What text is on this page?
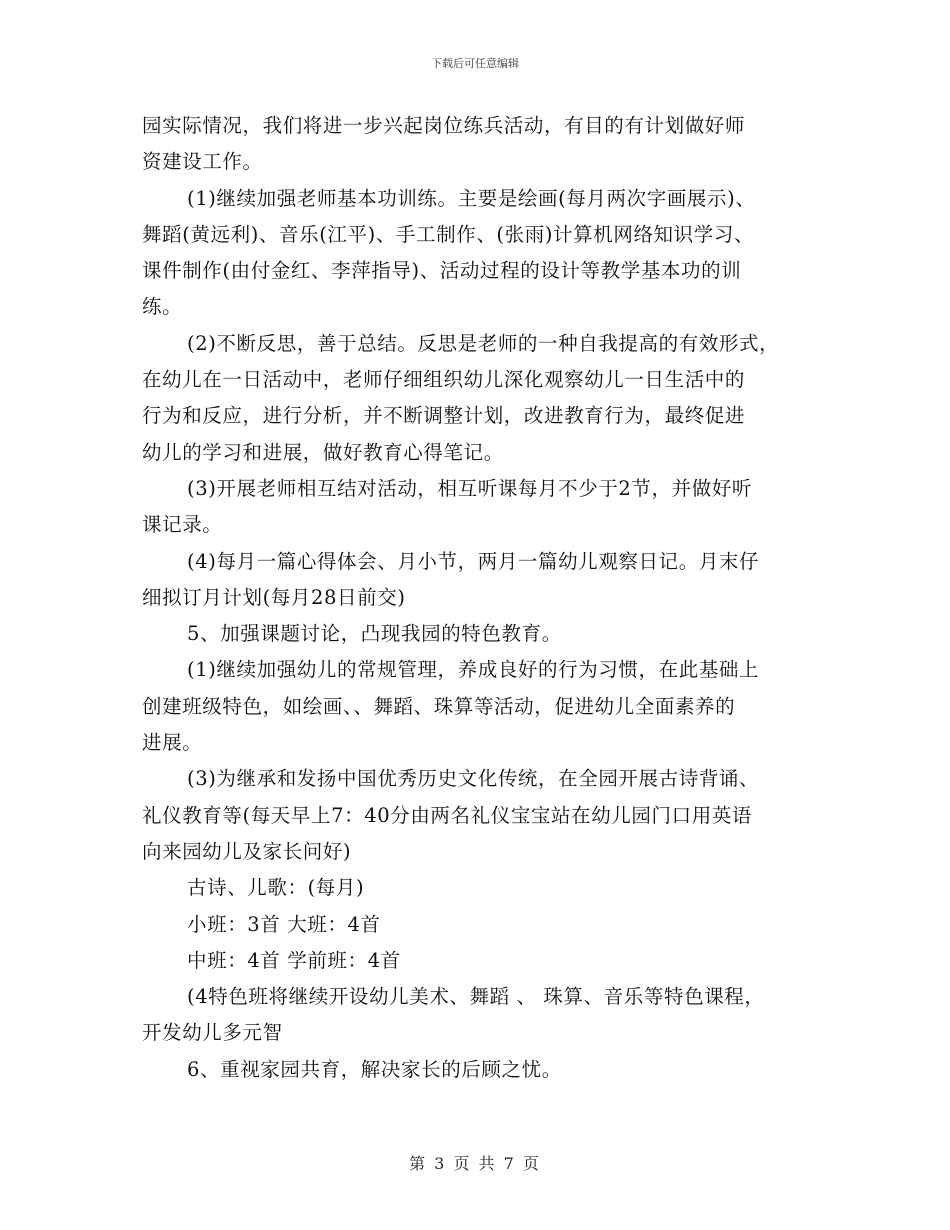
下载后可任意编辑
园实际情况，我们将进一步兴起岗位练兵活动，有目的有计划做好师
资建设工作。
(1)继续加强老师基本功训练。主要是绘画(每月两次字画展示)、
舞蹈(黄远利)、音乐(江平)、手工制作、(张雨)计算机网络知识学习、
课件制作(由付金红、李萍指导)、活动过程的设计等教学基本功的训
练。
(2)不断反思，善于总结。反思是老师的一种自我提高的有效形式，
在幼儿在一日活动中，老师仔细组织幼儿深化观察幼儿一日生活中的
行为和反应，进行分析，并不断调整计划，改进教育行为，最终促进
幼儿的学习和进展，做好教育心得笔记。
(3)开展老师相互结对活动，相互听课每月不少于2节，并做好听
课记录。
(4)每月一篇心得体会、月小节，两月一篇幼儿观察日记。月末仔
细拟订月计划(每月28日前交)
5、加强课题讨论，凸现我园的特色教育。
(1)继续加强幼儿的常规管理，养成良好的行为习惯，在此基础上
创建班级特色，如绘画、、舞蹈、珠算等活动，促进幼儿全面素养的
进展。
(3)为继承和发扬中国优秀历史文化传统，在全园开展古诗背诵、
礼仪教育等(每天早上7：40分由两名礼仪宝宝站在幼儿园门口用英语
向来园幼儿及家长问好)
古诗、儿歌：(每月)
小班：3首 大班：4首
中班：4首 学前班：4首
(4特色班将继续开设幼儿美术、舞蹈 、 珠算、音乐等特色课程，
开发幼儿多元智
6、重视家园共育，解决家长的后顾之忧。
第 3 页 共 7 页
